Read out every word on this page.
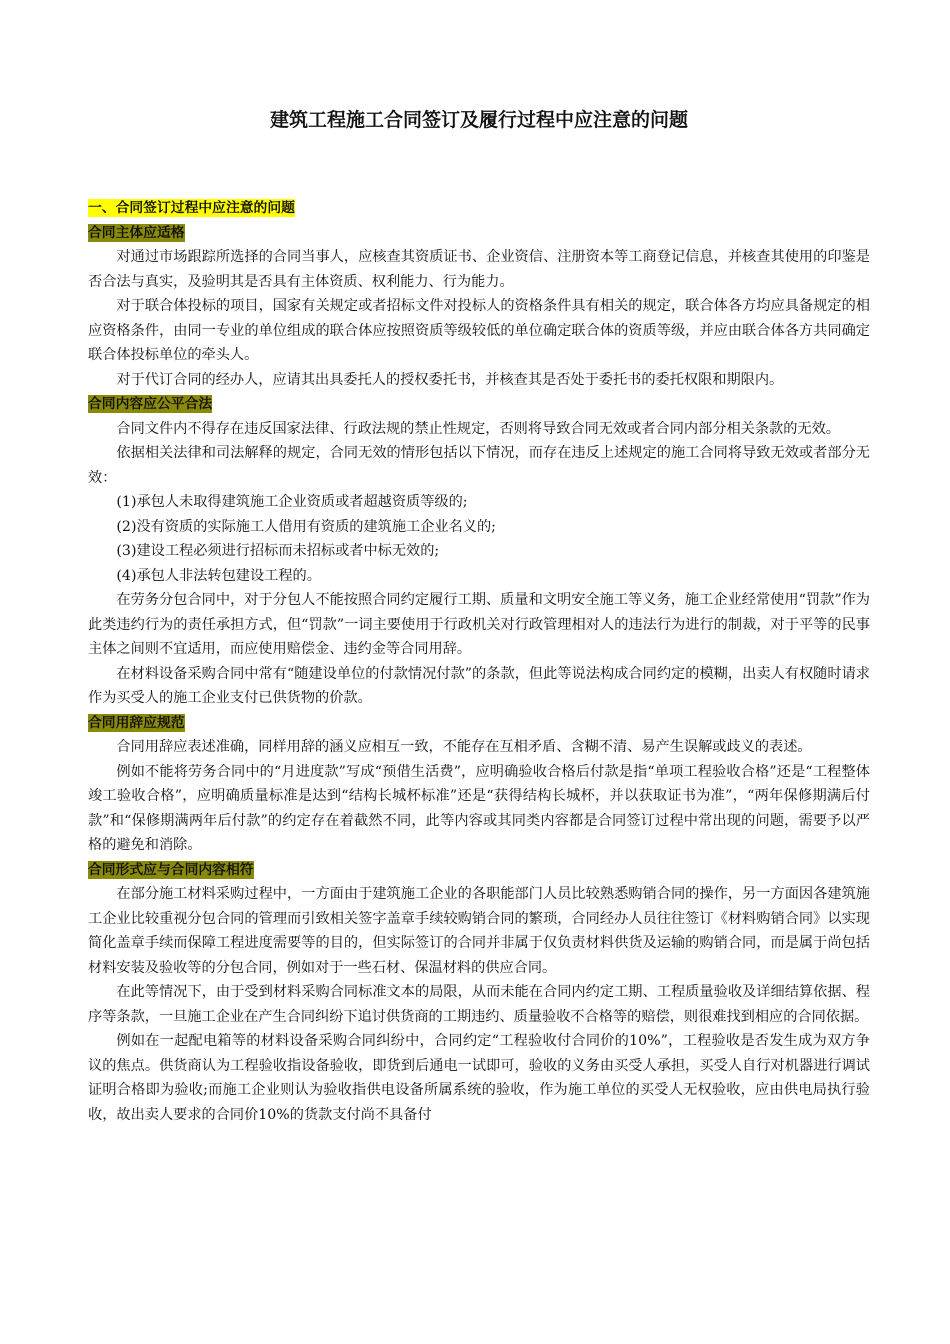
建筑工程施工合同签订及履行过程中应注意的问题

一、合同签订过程中应注意的问题

合同主体应适格

对通过市场跟踪所选择的合同当事人，应核查其资质证书、企业资信、注册资本等工商登记信息，并核查其使用的印鉴是否合法与真实，及验明其是否具有主体资质、权利能力、行为能力。

对于联合体投标的项目，国家有关规定或者招标文件对投标人的资格条件具有相关的规定，联合体各方均应具备规定的相应资格条件，由同一专业的单位组成的联合体应按照资质等级较低的单位确定联合体的资质等级，并应由联合体各方共同确定联合体投标单位的牵头人。

对于代订合同的经办人，应请其出具委托人的授权委托书，并核查其是否处于委托书的委托权限和期限内。

合同内容应公平合法

合同文件内不得存在违反国家法律、行政法规的禁止性规定，否则将导致合同无效或者合同内部分相关条款的无效。

依据相关法律和司法解释的规定，合同无效的情形包括以下情况，而存在违反上述规定的施工合同将导致无效或者部分无效：

(1)承包人未取得建筑施工企业资质或者超越资质等级的;

(2)没有资质的实际施工人借用有资质的建筑施工企业名义的;

(3)建设工程必须进行招标而未招标或者中标无效的;

(4)承包人非法转包建设工程的。

在劳务分包合同中，对于分包人不能按照合同约定履行工期、质量和文明安全施工等义务，施工企业经常使用“罚款”作为此类违约行为的责任承担方式，但“罚款”一词主要使用于行政机关对行政管理相对人的违法行为进行的制裁，对于平等的民事主体之间则不宜适用，而应使用赔偿金、违约金等合同用辞。

在材料设备采购合同中常有“随建设单位的付款情况付款”的条款，但此等说法构成合同约定的模糊，出卖人有权随时请求作为买受人的施工企业支付已供货物的价款。

合同用辞应规范

合同用辞应表述准确，同样用辞的涵义应相互一致，不能存在互相矛盾、含糊不清、易产生误解或歧义的表述。

例如不能将劳务合同中的“月进度款”写成“预借生活费”，应明确验收合格后付款是指“单项工程验收合格”还是“工程整体竣工验收合格”，应明确质量标准是达到“结构长城杯标准”还是“获得结构长城杯，并以获取证书为准”，“两年保修期满后付款”和“保修期满两年后付款”的约定存在着截然不同，此等内容或其同类内容都是合同签订过程中常出现的问题，需要予以严格的避免和消除。

合同形式应与合同内容相符

在部分施工材料采购过程中，一方面由于建筑施工企业的各职能部门人员比较熟悉购销合同的操作，另一方面因各建筑施工企业比较重视分包合同的管理而引致相关签字盖章手续较购销合同的繁琐，合同经办人员往往签订《材料购销合同》以实现简化盖章手续而保障工程进度需要等的目的，但实际签订的合同并非属于仅负责材料供货及运输的购销合同，而是属于尚包括材料安装及验收等的分包合同，例如对于一些石材、保温材料的供应合同。

在此等情况下，由于受到材料采购合同标准文本的局限，从而未能在合同内约定工期、工程质量验收及详细结算依据、程序等条款，一旦施工企业在产生合同纠纷下追讨供货商的工期违约、质量验收不合格等的赔偿，则很难找到相应的合同依据。

例如在一起配电箱等的材料设备采购合同纠纷中，合同约定“工程验收付合同价的10%”，工程验收是否发生成为双方争议的焦点。供货商认为工程验收指设备验收，即货到后通电一试即可，验收的义务由买受人承担，买受人自行对机器进行调试证明合格即为验收;而施工企业则认为验收指供电设备所属系统的验收，作为施工单位的买受人无权验收，应由供电局执行验收，故出卖人要求的合同价10%的货款支付尚不具备付
